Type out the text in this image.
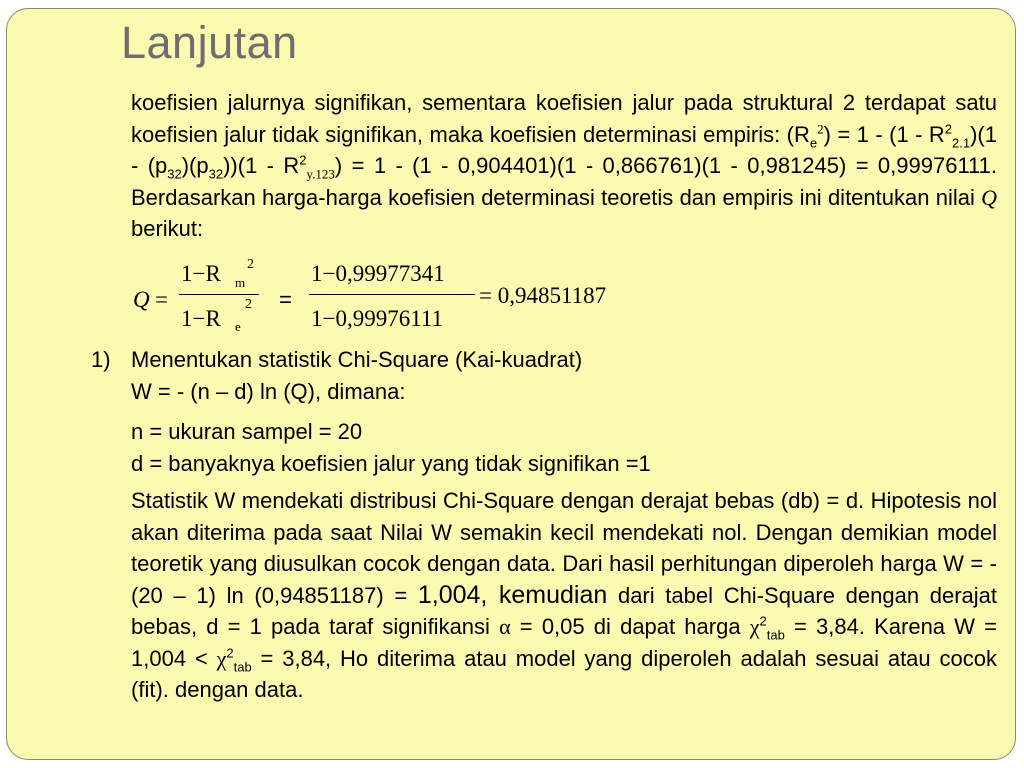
Lanjutan
koefisien jalurnya signifikan, sementara koefisien jalur pada struktural 2 terdapat satu koefisien jalur tidak signifikan, maka koefisien determinasi empiris: $(R_e^2) = 1 - (1 - R^2_{2.1})(1 - (p_{32})(p_{32}))(1 - R^2_{y.123}) = 1 - (1 - 0,904401)(1 - 0,866761)(1 - 0,981245) = 0,99976111$. Berdasarkan harga-harga koefisien determinasi teoretis dan empiris ini ditentukan nilai Q berikut:
Q =
1−R m
2
1−R e
2 =
1−0,99977341
1−0,99976111
= 0,94851187
1) Menentukan statistik Chi-Square (Kai-kuadrat)
W = - (n – d) ln (Q), dimana:
n = ukuran sampel = 20
d = banyaknya koefisien jalur yang tidak signifikan =1
Statistik W mendekati distribusi Chi-Square dengan derajat bebas (db) = d. Hipotesis nol akan diterima pada saat Nilai W semakin kecil mendekati nol. Dengan demikian model teoretik yang diusulkan cocok dengan data. Dari hasil perhitungan diperoleh harga W = - (20 – 1) ln (0,94851187) = 1,004, kemudian dari tabel Chi-Square dengan derajat bebas, d = 1 pada taraf signifikansi α = 0,05 di dapat harga $\chi^2_{tab} = 3,84$. Karena $W = 1,004 < \chi^2_{tab} = 3,84$, Ho diterima atau model yang diperoleh adalah sesuai atau cocok (fit). dengan data.
